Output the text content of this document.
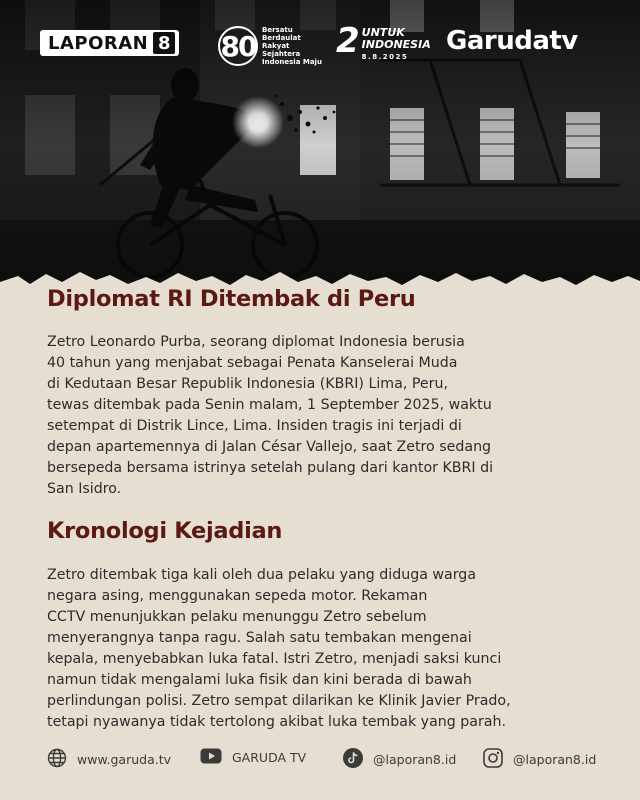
LAPORAN 8 80 Bersatu Berdaulat Rakyat Sejahtera Indonesia Maju
2 UNTUK
INDONESIA
8.8.2025
Garudatv
Diplomat RI Ditembak di Peru

Zetro Leonardo Purba, seorang diplomat Indonesia berusia
40 tahun yang menjabat sebagai Penata Kanselerai Muda
di Kedutaan Besar Republik Indonesia (KBRI) Lima, Peru,
tewas ditembak pada Senin malam, 1 September 2025, waktu
setempat di Distrik Lince, Lima. Insiden tragis ini terjadi di
depan apartemennya di Jalan César Vallejo, saat Zetro sedang
bersepeda bersama istrinya setelah pulang dari kantor KBRI di
San Isidro.

Kronologi Kejadian

Zetro ditembak tiga kali oleh dua pelaku yang diduga warga
negara asing, menggunakan sepeda motor. Rekaman
CCTV menunjukkan pelaku menunggu Zetro sebelum
menyerangnya tanpa ragu. Salah satu tembakan mengenai
kepala, menyebabkan luka fatal. Istri Zetro, menjadi saksi kunci
namun tidak mengalami luka fisik dan kini berada di bawah
perlindungan polisi. Zetro sempat dilarikan ke Klinik Javier Prado,
tetapi nyawanya tidak tertolong akibat luka tembak yang parah.

www.garuda.tv	GARUDA TV	@laporan8.id	@laporan8.id
